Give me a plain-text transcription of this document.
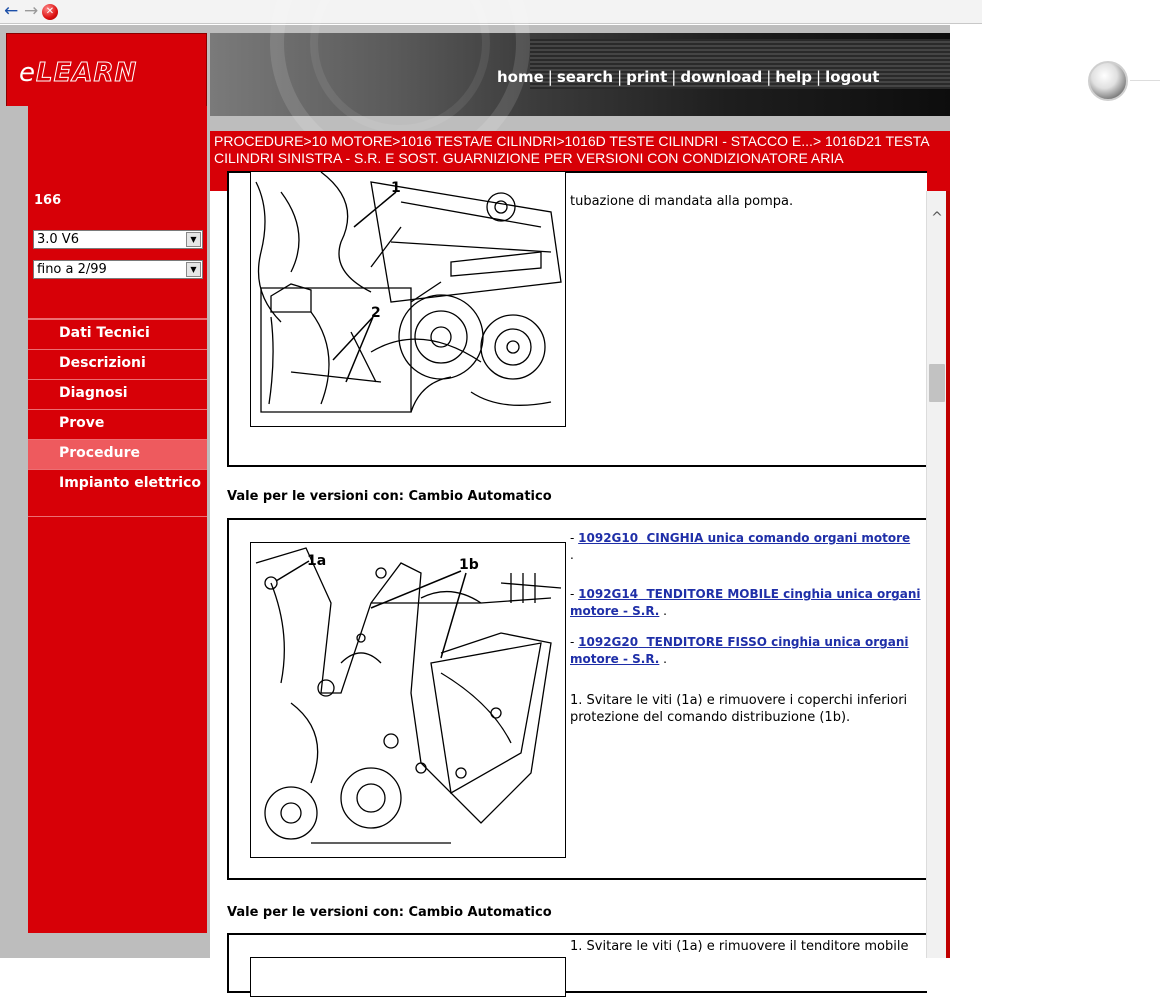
← → ✕
eLEARN	home | search | print | download | help | logout
166
3.0 V6	▼
fino a 2/99	▼
Dati Tecnici
Descrizioni
Diagnosi
Prove
Procedure
Impianto elettrico
PROCEDURE>10 MOTORE>1016 TESTA/E CILINDRI>1016D TESTE CILINDRI - STACCO E...> 1016D21 TESTA CILINDRI SINISTRA - S.R. E SOST. GUARNIZIONE PER VERSIONI CON CONDIZIONATORE ARIA
1
2
tubazione di mandata alla pompa.
Vale per le versioni con: Cambio Automatico
1a	1b
- 1092G10 CINGHIA unica comando organi motore
.
- 1092G14 TENDITORE MOBILE cinghia unica organi motore - S.R. .
- 1092G20 TENDITORE FISSO cinghia unica organi motore - S.R. .
1. Svitare le viti (1a) e rimuovere i coperchi inferiori protezione del comando distribuzione (1b).
Vale per le versioni con: Cambio Automatico
1. Svitare le viti (1a) e rimuovere il tenditore mobile
^
